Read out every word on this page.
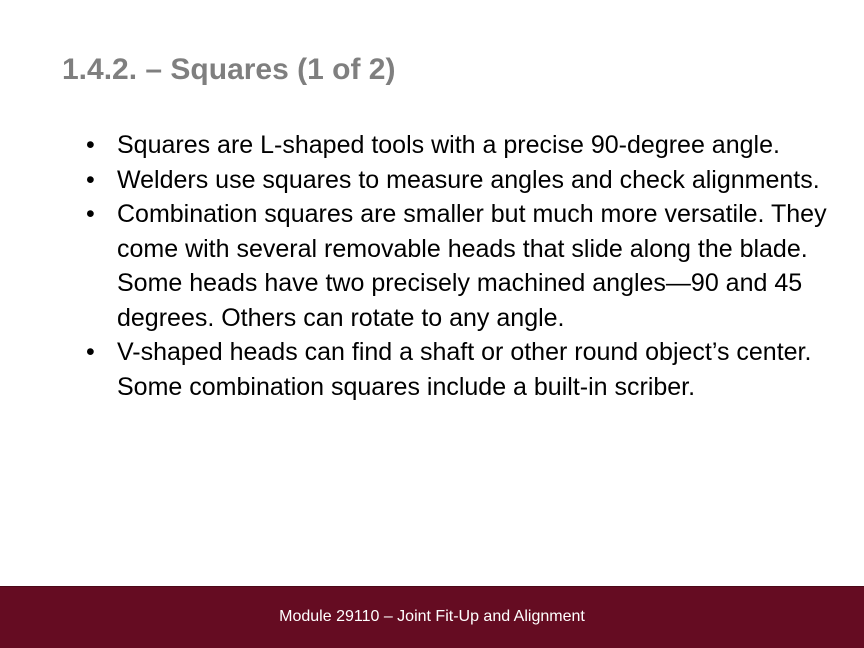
1.4.2. – Squares (1 of 2)
• Squares are L-shaped tools with a precise 90-degree angle.
• Welders use squares to measure angles and check alignments.
• Combination squares are smaller but much more versatile. They come with several removable heads that slide along the blade. Some heads have two precisely machined angles—90 and 45 degrees. Others can rotate to any angle.
• V-shaped heads can find a shaft or other round object’s center. Some combination squares include a built-in scriber.
Module 29110 – Joint Fit-Up and Alignment
